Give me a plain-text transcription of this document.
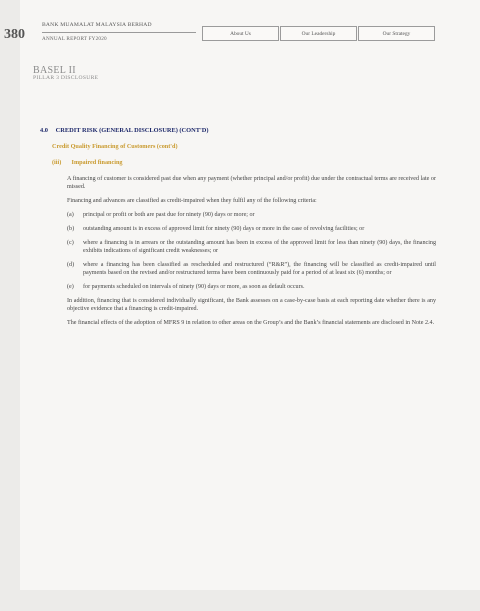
380
BANK MUAMALAT MALAYSIA BERHAD
ANNUAL REPORT FY2020
About Us	Our Leadership	Our Strategy
BASEL II
PILLAR 3 DISCLOSURE
4.0 CREDIT RISK (GENERAL DISCLOSURE) (CONT'D)
Credit Quality Financing of Customers (cont'd)
(iii) Impaired financing
A financing of customer is considered past due when any payment (whether principal and/or profit) due under the contractual terms are received late or missed.
Financing and advances are classified as credit-impaired when they fulfil any of the following criteria:
(a)	principal or profit or both are past due for ninety (90) days or more; or
(b)	outstanding amount is in excess of approved limit for ninety (90) days or more in the case of revolving facilities; or
(c)	where a financing is in arrears or the outstanding amount has been in excess of the approved limit for less than ninety (90) days, the financing exhibits indications of significant credit weaknesses; or
(d)	where a financing has been classified as rescheduled and restructured (“R&R”), the financing will be classified as credit-impaired until payments based on the revised and/or restructured terms have been continuously paid for a period of at least six (6) months; or
(e)	for payments scheduled on intervals of ninety (90) days or more, as soon as default occurs.
In addition, financing that is considered individually significant, the Bank assesses on a case-by-case basis at each reporting date whether there is any objective evidence that a financing is credit-impaired.
The financial effects of the adoption of MFRS 9 in relation to other areas on the Group’s and the Bank’s financial statements are disclosed in Note 2.4.
